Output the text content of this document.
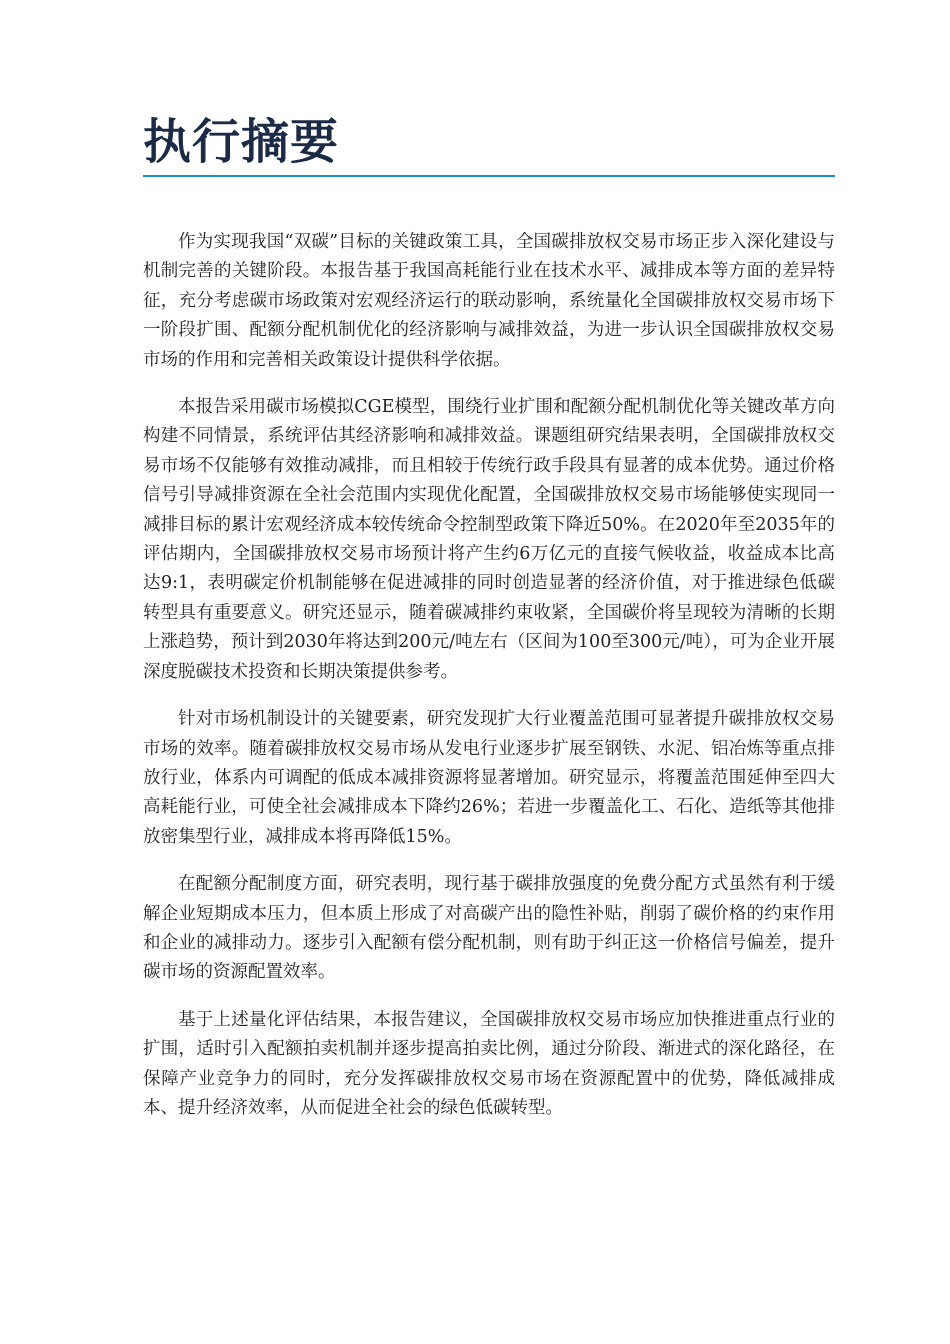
执行摘要

作为实现我国“双碳”目标的关键政策工具，全国碳排放权交易市场正步入深化建设与机制完善的关键阶段。本报告基于我国高耗能行业在技术水平、减排成本等方面的差异特征，充分考虑碳市场政策对宏观经济运行的联动影响，系统量化全国碳排放权交易市场下一阶段扩围、配额分配机制优化的经济影响与减排效益，为进一步认识全国碳排放权交易市场的作用和完善相关政策设计提供科学依据。

本报告采用碳市场模拟CGE模型，围绕行业扩围和配额分配机制优化等关键改革方向构建不同情景，系统评估其经济影响和减排效益。课题组研究结果表明，全国碳排放权交易市场不仅能够有效推动减排，而且相较于传统行政手段具有显著的成本优势。通过价格信号引导减排资源在全社会范围内实现优化配置，全国碳排放权交易市场能够使实现同一减排目标的累计宏观经济成本较传统命令控制型政策下降近50%。在2020年至2035年的评估期内，全国碳排放权交易市场预计将产生约6万亿元的直接气候收益，收益成本比高达9:1，表明碳定价机制能够在促进减排的同时创造显著的经济价值，对于推进绿色低碳转型具有重要意义。研究还显示，随着碳减排约束收紧，全国碳价将呈现较为清晰的长期上涨趋势，预计到2030年将达到200元/吨左右（区间为100至300元/吨），可为企业开展深度脱碳技术投资和长期决策提供参考。

针对市场机制设计的关键要素，研究发现扩大行业覆盖范围可显著提升碳排放权交易市场的效率。随着碳排放权交易市场从发电行业逐步扩展至钢铁、水泥、铝冶炼等重点排放行业，体系内可调配的低成本减排资源将显著增加。研究显示，将覆盖范围延伸至四大高耗能行业，可使全社会减排成本下降约26%；若进一步覆盖化工、石化、造纸等其他排放密集型行业，减排成本将再降低15%。

在配额分配制度方面，研究表明，现行基于碳排放强度的免费分配方式虽然有利于缓解企业短期成本压力，但本质上形成了对高碳产出的隐性补贴，削弱了碳价格的约束作用和企业的减排动力。逐步引入配额有偿分配机制，则有助于纠正这一价格信号偏差，提升碳市场的资源配置效率。

基于上述量化评估结果，本报告建议，全国碳排放权交易市场应加快推进重点行业的扩围，适时引入配额拍卖机制并逐步提高拍卖比例，通过分阶段、渐进式的深化路径，在保障产业竞争力的同时，充分发挥碳排放权交易市场在资源配置中的优势，降低减排成本、提升经济效率，从而促进全社会的绿色低碳转型。
